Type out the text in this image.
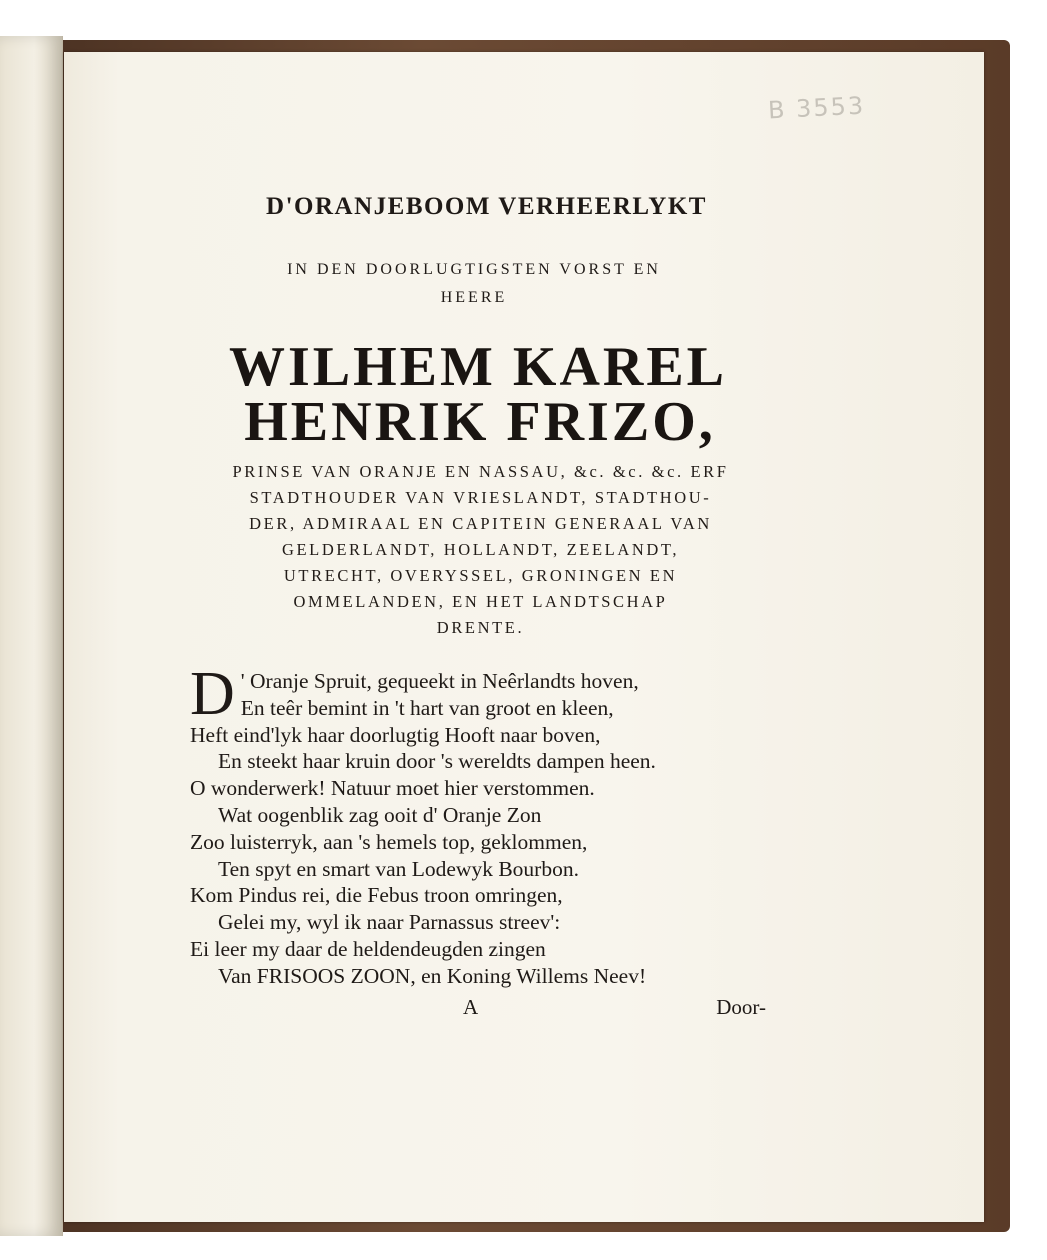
B 3553
D'ORANJEBOOM VERHEERLYKT
IN DEN DOORLUGTIGSTEN VORST EN
HEERE
WILHEM KAREL
HENRIK FRIZO,
PRINSE VAN ORANJE EN NASSAU, &c. &c. &c. ERF
STADTHOUDER VAN VRIESLANDT, STADTHOU-
DER, ADMIRAAL EN CAPITEIN GENERAAL VAN
GELDERLANDT, HOLLANDT, ZEELANDT,
UTRECHT, OVERYSSEL, GRONINGEN EN
OMMELANDEN, EN HET LANDTSCHAP
DRENTE.
D ' Oranje Spruit, gequeekt in Neêrlandts hoven,
En teêr bemint in 't hart van groot en kleen,
Heft eind'lyk haar doorlugtig Hooft naar boven,
En steekt haar kruin door 's wereldts dampen heen.
O wonderwerk! Natuur moet hier verstommen.
Wat oogenblik zag ooit d' Oranje Zon
Zoo luisterryk, aan 's hemels top, geklommen,
Ten spyt en smart van Lodewyk Bourbon.
Kom Pindus rei, die Febus troon omringen,
Gelei my, wyl ik naar Parnassus streev':
Ei leer my daar de heldendeugden zingen
Van FRISOOS ZOON, en Koning Willems Neev!
A	Door-
